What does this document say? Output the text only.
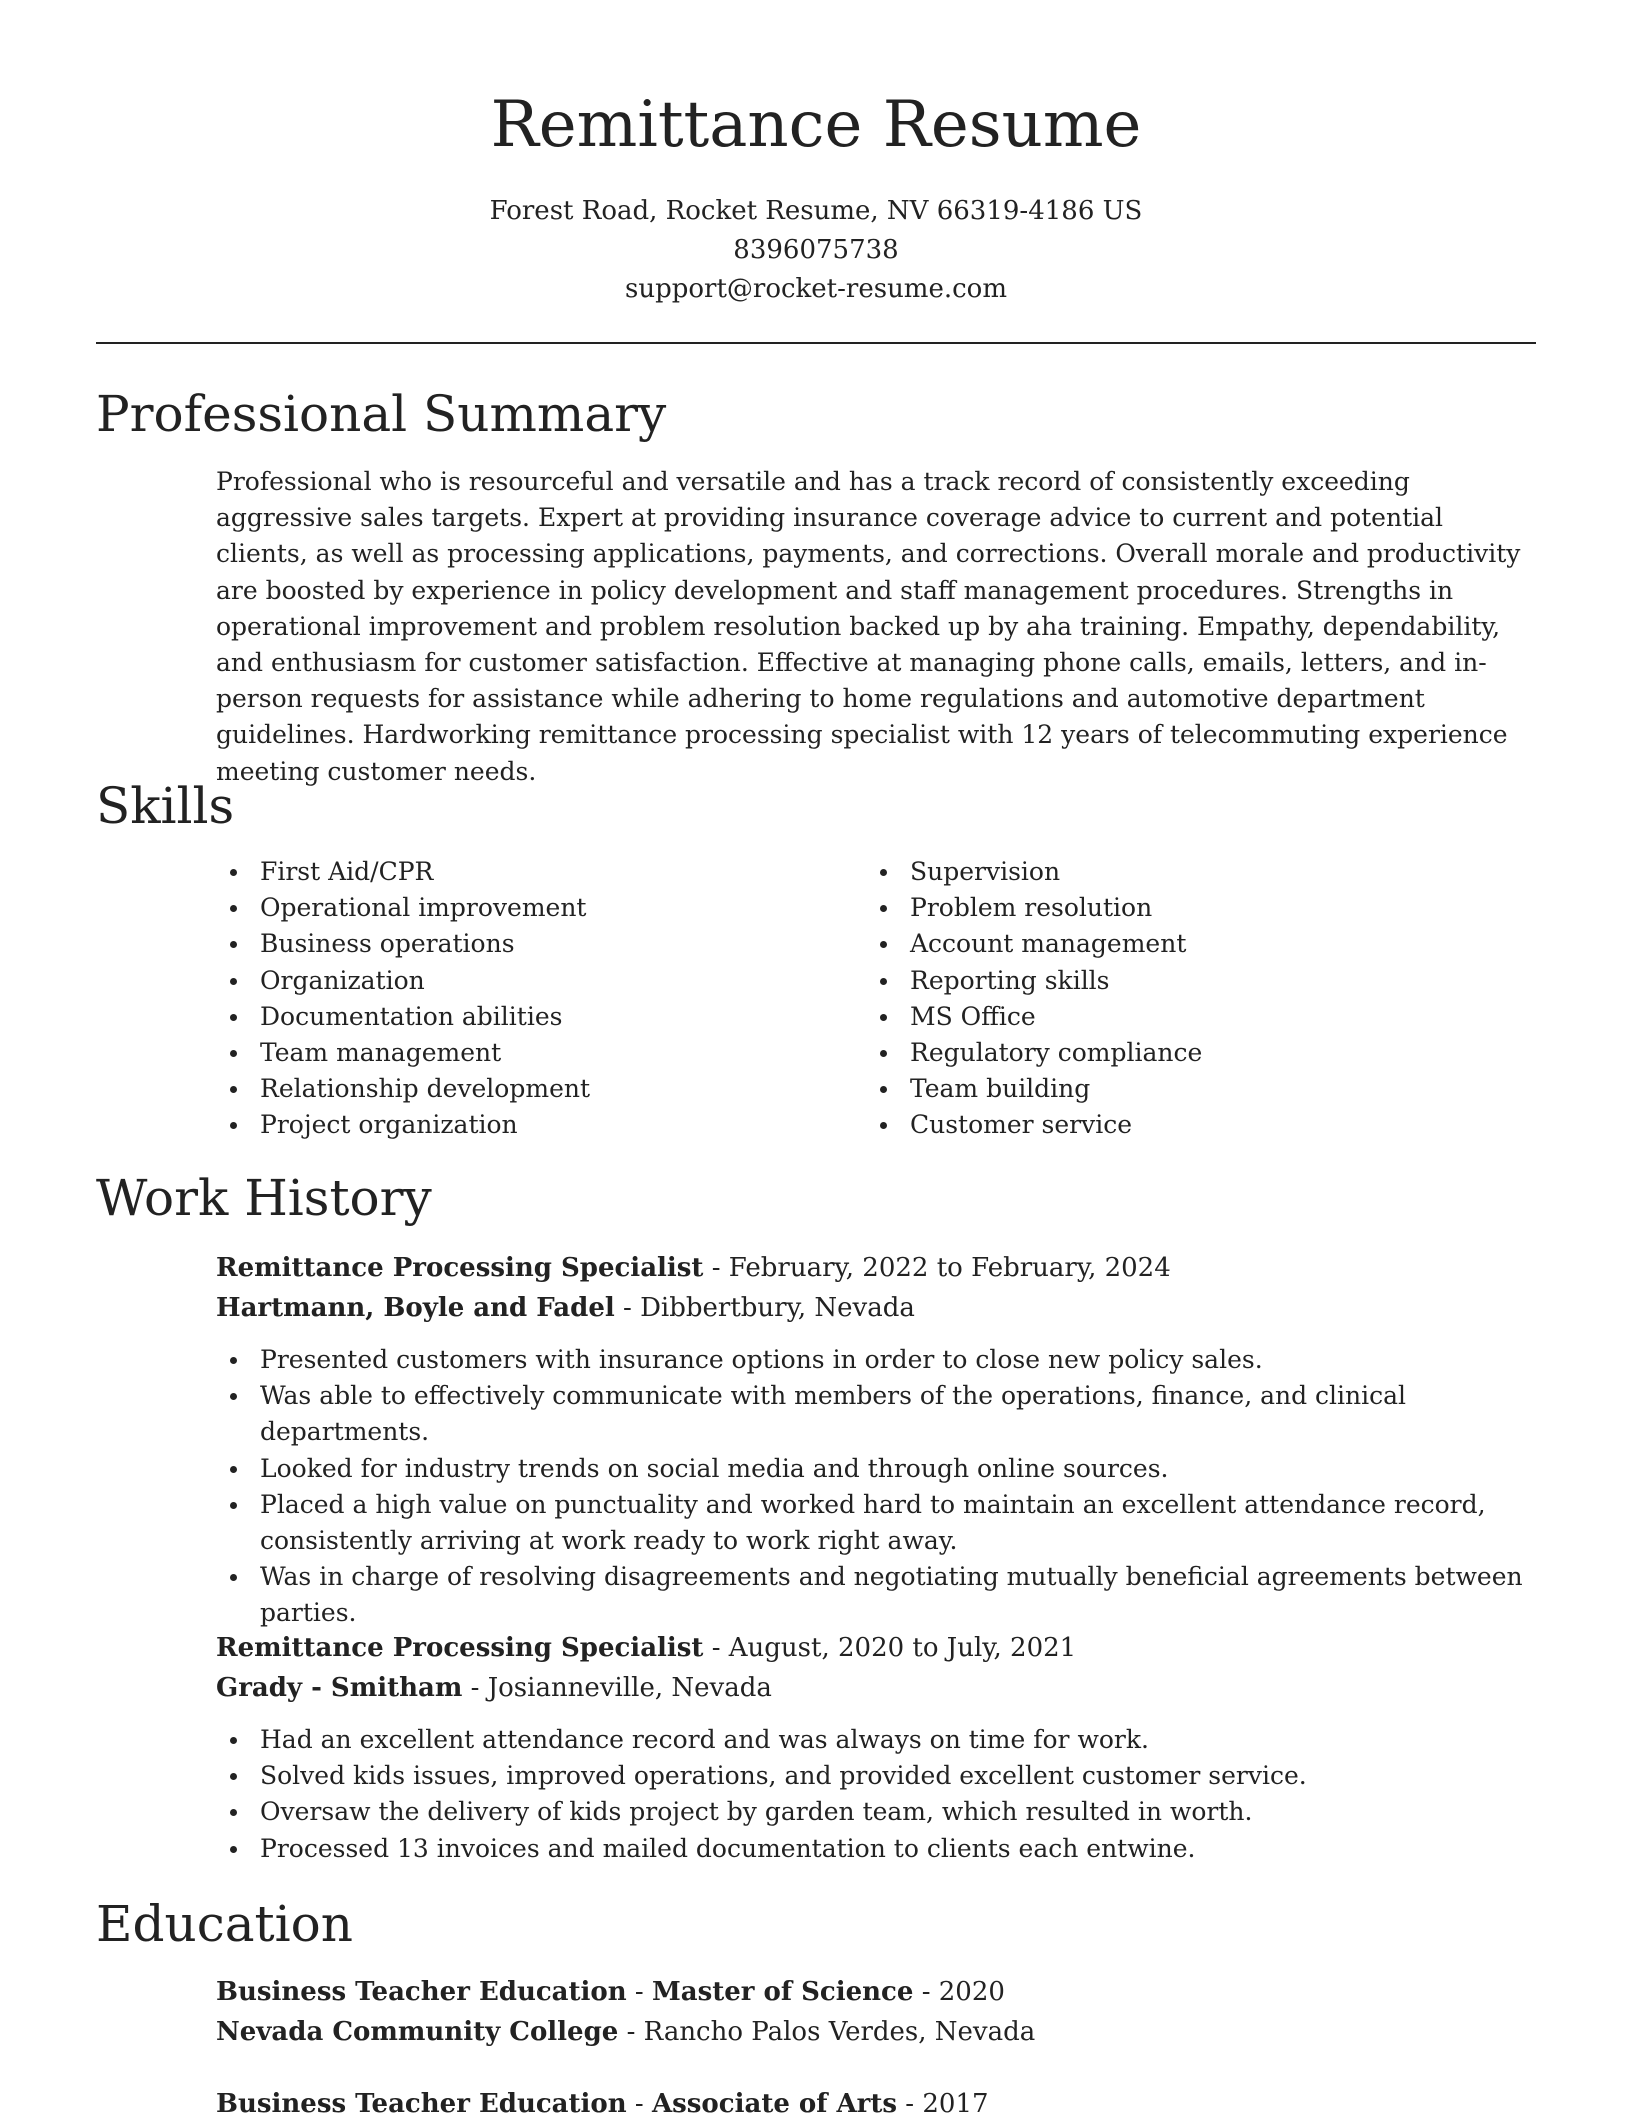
Remittance Resume
Forest Road, Rocket Resume, NV 66319-4186 US
8396075738
support@rocket-resume.com
Professional Summary

Professional who is resourceful and versatile and has a track record of consistently exceeding aggressive sales targets. Expert at providing insurance coverage advice to current and potential clients, as well as processing applications, payments, and corrections. Overall morale and productivity are boosted by experience in policy development and staff management procedures. Strengths in operational improvement and problem resolution backed up by aha training. Empathy, dependability, and enthusiasm for customer satisfaction. Effective at managing phone calls, emails, letters, and in-person requests for assistance while adhering to home regulations and automotive department guidelines. Hardworking remittance processing specialist with 12 years of telecommuting experience meeting customer needs.

Skills
First Aid/CPR
Operational improvement
Business operations
Organization
Documentation abilities
Team management
Relationship development
Project organization
Supervision
Problem resolution
Account management
Reporting skills
MS Office
Regulatory compliance
Team building
Customer service
Work History
Remittance Processing Specialist - February, 2022 to February, 2024
Hartmann, Boyle and Fadel - Dibbertbury, Nevada
Presented customers with insurance options in order to close new policy sales.
Was able to effectively communicate with members of the operations, finance, and clinical departments.
Looked for industry trends on social media and through online sources.
Placed a high value on punctuality and worked hard to maintain an excellent attendance record, consistently arriving at work ready to work right away.
Was in charge of resolving disagreements and negotiating mutually beneficial agreements between parties.
Remittance Processing Specialist - August, 2020 to July, 2021
Grady - Smitham - Josianneville, Nevada
Had an excellent attendance record and was always on time for work.
Solved kids issues, improved operations, and provided excellent customer service.
Oversaw the delivery of kids project by garden team, which resulted in worth.
Processed 13 invoices and mailed documentation to clients each entwine.
Education
Business Teacher Education - Master of Science - 2020
Nevada Community College - Rancho Palos Verdes, Nevada
Business Teacher Education - Associate of Arts - 2017
